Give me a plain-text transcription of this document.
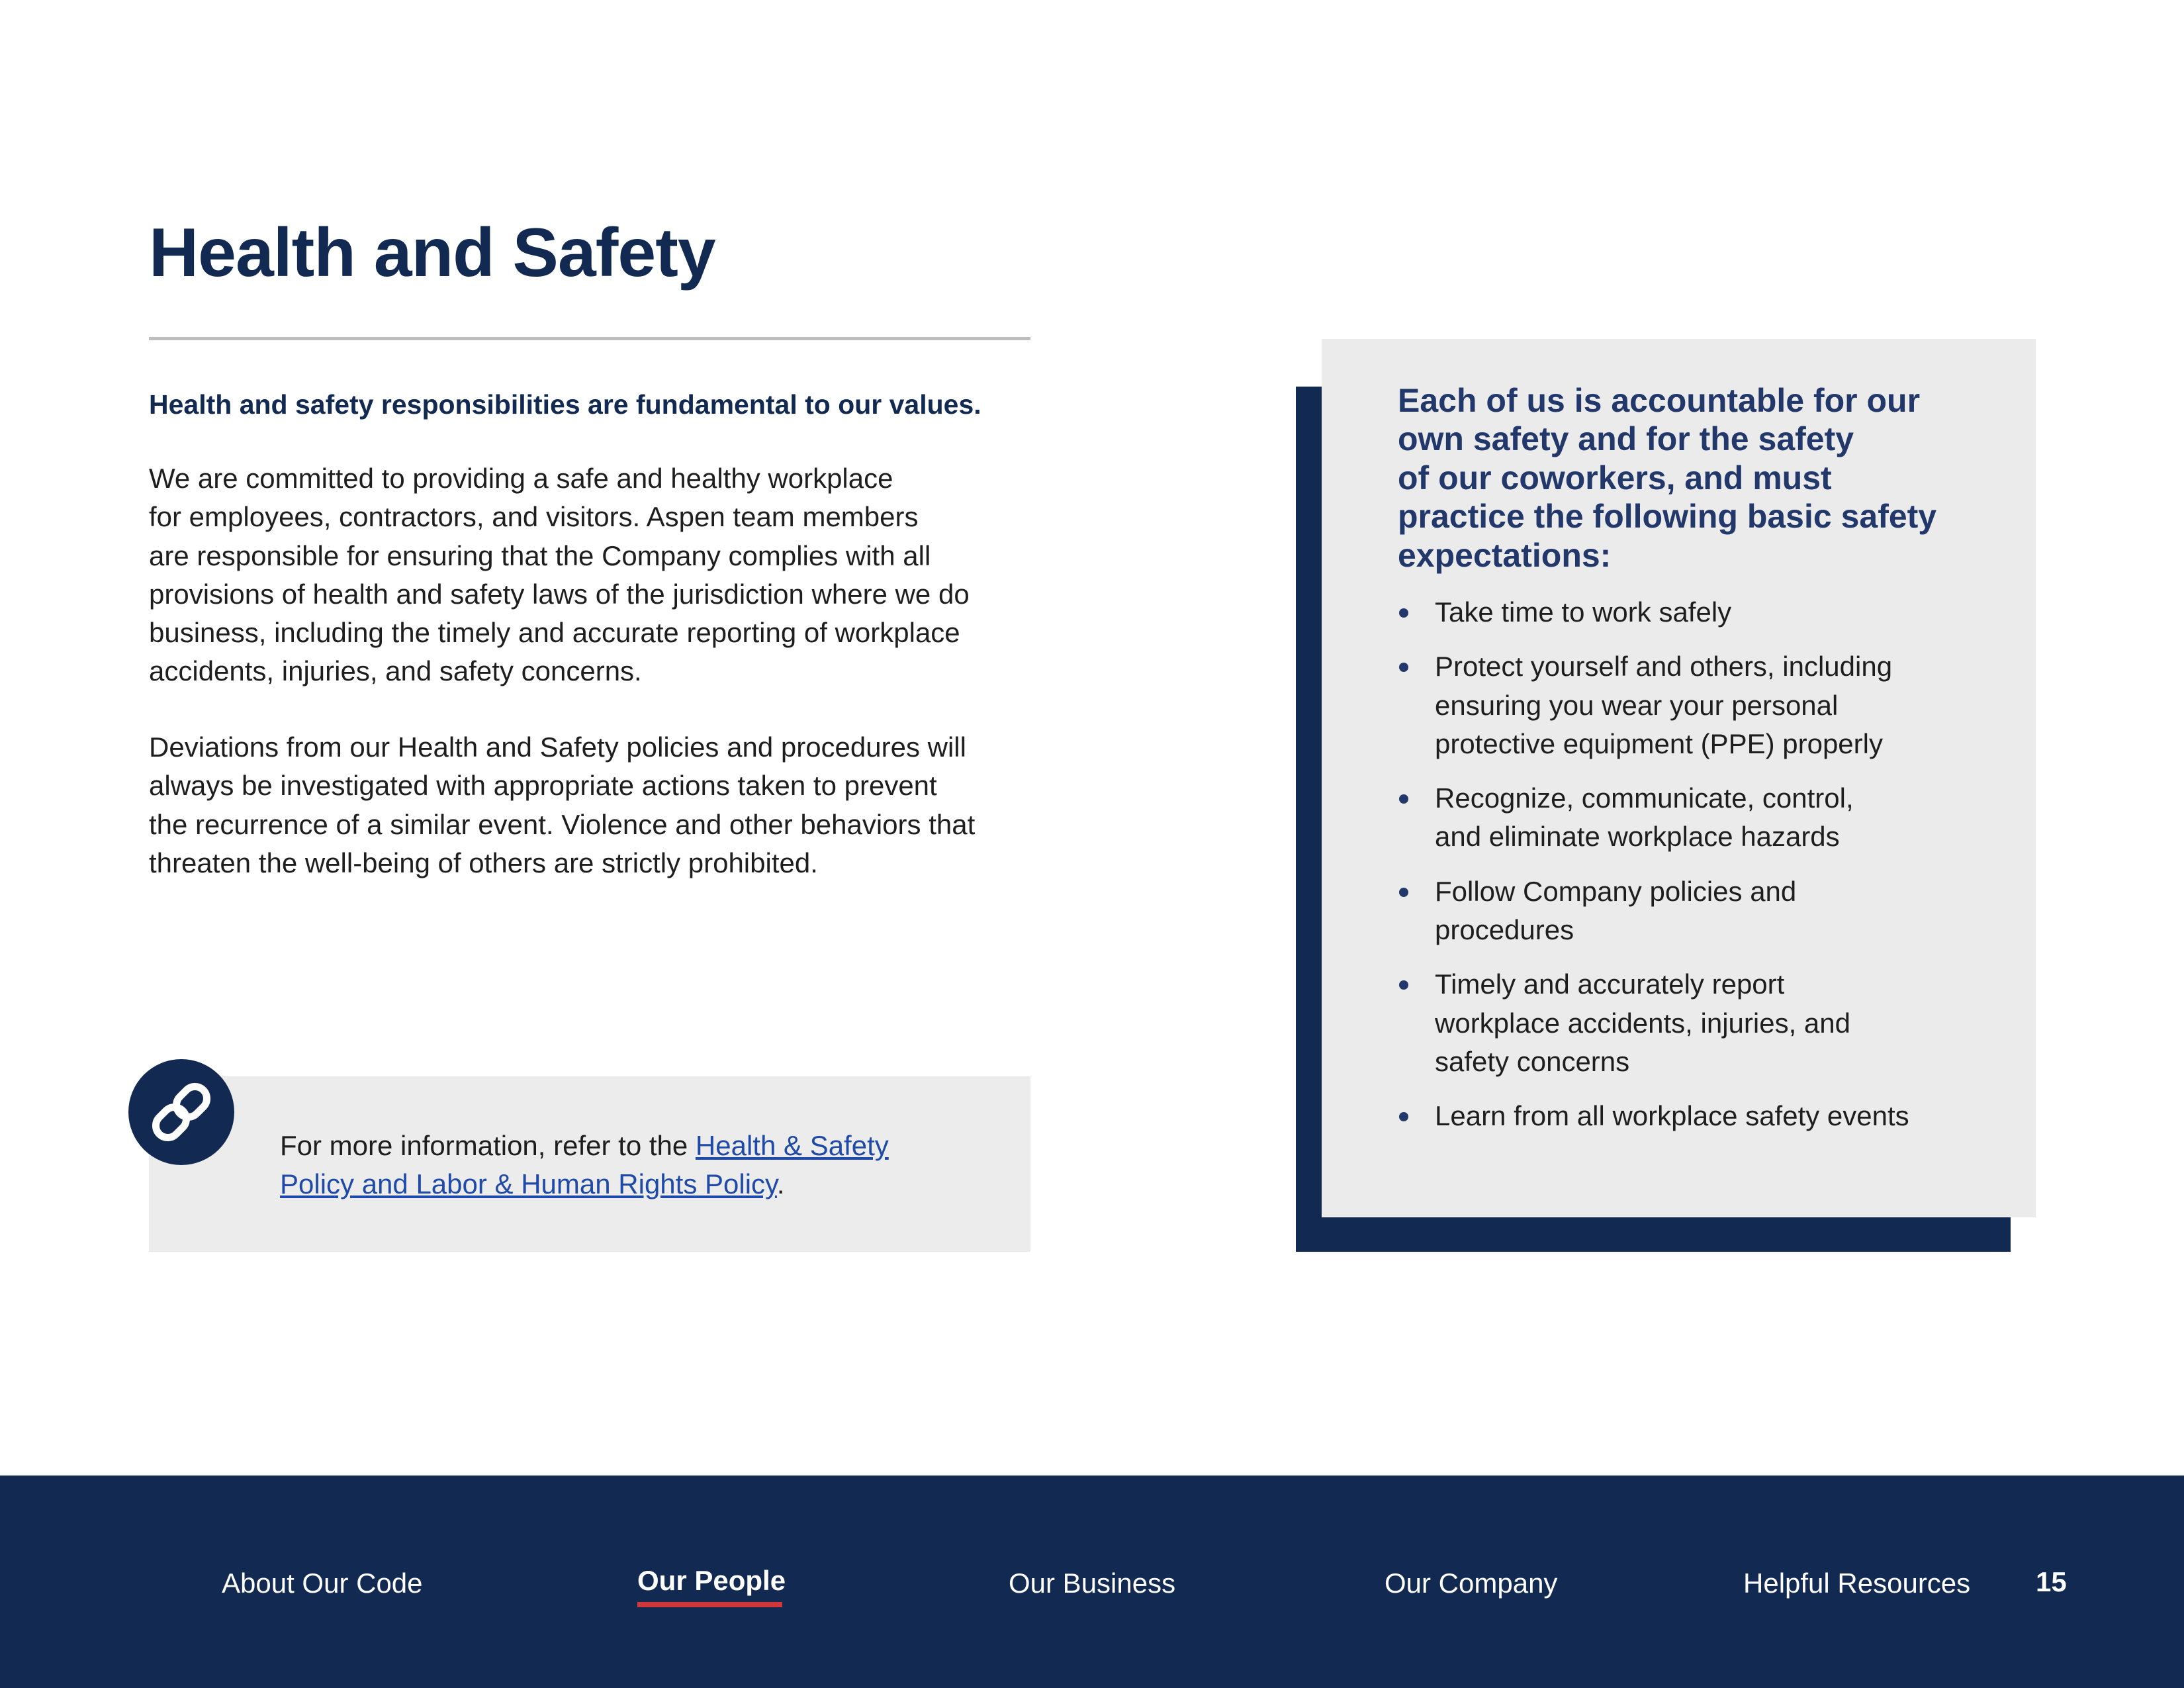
Health and Safety

Health and safety responsibilities are fundamental to our values.

We are committed to providing a safe and healthy workplace
for employees, contractors, and visitors. Aspen team members
are responsible for ensuring that the Company complies with all
provisions of health and safety laws of the jurisdiction where we do
business, including the timely and accurate reporting of workplace
accidents, injuries, and safety concerns.

Deviations from our Health and Safety policies and procedures will
always be investigated with appropriate actions taken to prevent
the recurrence of a similar event. Violence and other behaviors that
threaten the well-being of others are strictly prohibited.

For more information, refer to the Health & Safety
Policy and Labor & Human Rights Policy.

Each of us is accountable for our
own safety and for the safety
of our coworkers, and must
practice the following basic safety
expectations:
Take time to work safely
Protect yourself and others, including
ensuring you wear your personal
protective equipment (PPE) properly
Recognize, communicate, control,
and eliminate workplace hazards
Follow Company policies and
procedures
Timely and accurately report
workplace accidents, injuries, and
safety concerns
Learn from all workplace safety events
About Our Code	Our People	Our Business	Our Company	Helpful Resources 15
